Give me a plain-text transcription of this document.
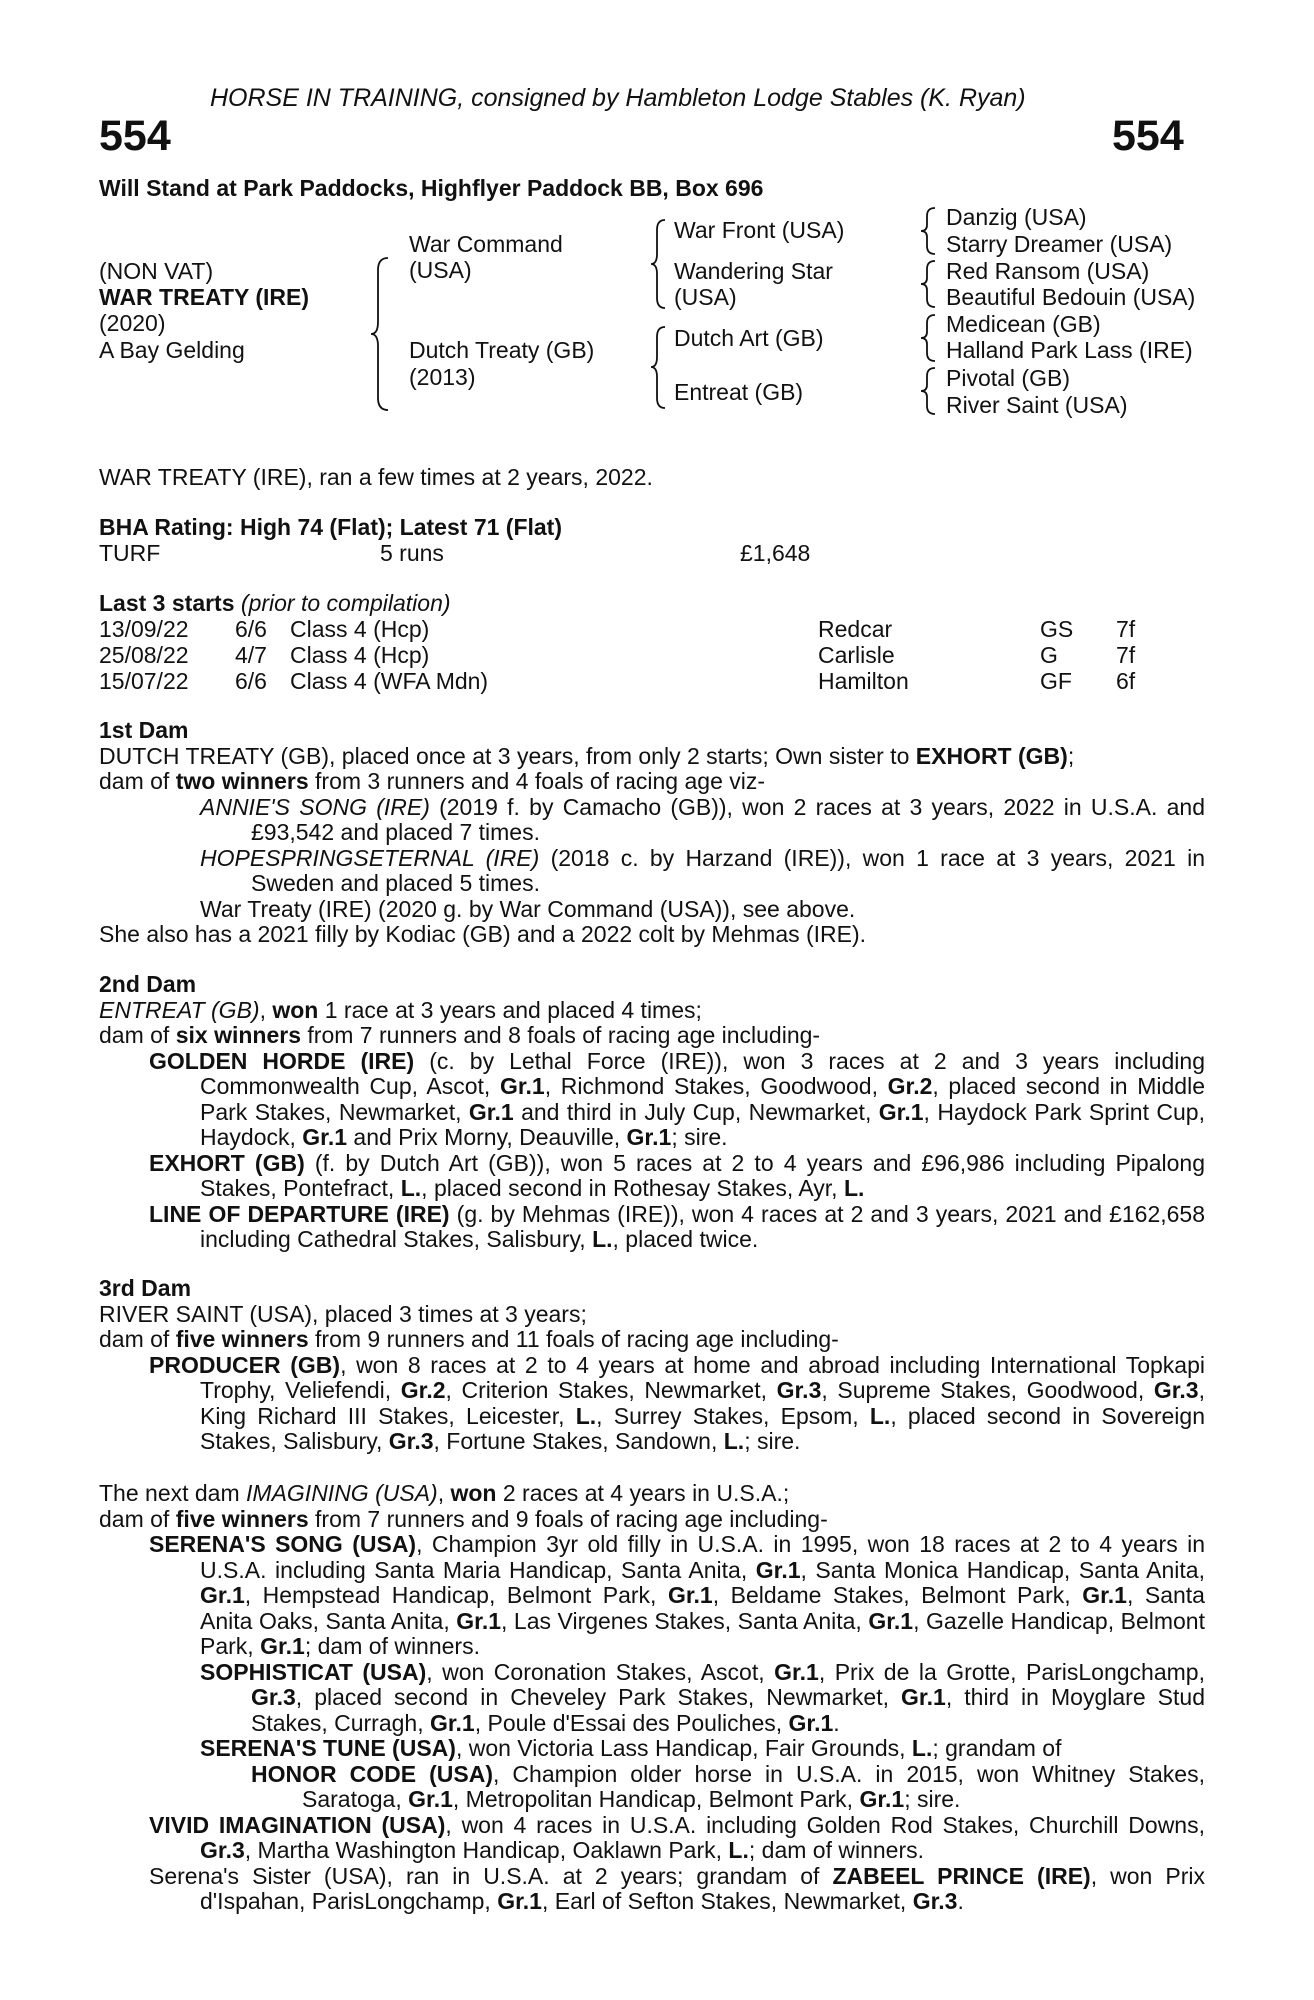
HORSE IN TRAINING, consigned by Hambleton Lodge Stables (K. Ryan)
554	554
Will Stand at Park Paddocks, Highflyer Paddock BB, Box 696
(NON VAT)
WAR TREATY (IRE)
(2020)
A Bay Gelding
War Command
(USA)
Dutch Treaty (GB)
(2013)
War Front (USA)
Wandering Star
(USA)
Dutch Art (GB)
Entreat (GB)
Danzig (USA)
Starry Dreamer (USA)
Red Ransom (USA)
Beautiful Bedouin (USA)
Medicean (GB)
Halland Park Lass (IRE)
Pivotal (GB)
River Saint (USA)
WAR TREATY (IRE), ran a few times at 2 years, 2022.
BHA Rating: High 74 (Flat); Latest 71 (Flat)
TURF	5 runs	£1,648
Last 3 starts (prior to compilation)
13/09/22 6/6 Class 4 (Hcp)	Redcar	GS 7f
25/08/22 4/7 Class 4 (Hcp)	Carlisle	G	7f
15/07/22 6/6 Class 4 (WFA Mdn)	Hamilton	GF 6f

1st Dam

DUTCH TREATY (GB), placed once at 3 years, from only 2 starts; Own sister to EXHORT (GB);

dam of two winners from 3 runners and 4 foals of racing age viz-

ANNIE'S SONG (IRE) (2019 f. by Camacho (GB)), won 2 races at 3 years, 2022 in U.S.A. and £93,542 and placed 7 times.

HOPESPRINGSETERNAL (IRE) (2018 c. by Harzand (IRE)), won 1 race at 3 years, 2021 in Sweden and placed 5 times.

War Treaty (IRE) (2020 g. by War Command (USA)), see above.

She also has a 2021 filly by Kodiac (GB) and a 2022 colt by Mehmas (IRE).

2nd Dam

ENTREAT (GB), won 1 race at 3 years and placed 4 times;

dam of six winners from 7 runners and 8 foals of racing age including-

GOLDEN HORDE (IRE) (c. by Lethal Force (IRE)), won 3 races at 2 and 3 years including Commonwealth Cup, Ascot, Gr.1, Richmond Stakes, Goodwood, Gr.2, placed second in Middle Park Stakes, Newmarket, Gr.1 and third in July Cup, Newmarket, Gr.1, Haydock Park Sprint Cup, Haydock, Gr.1 and Prix Morny, Deauville, Gr.1; sire.

EXHORT (GB) (f. by Dutch Art (GB)), won 5 races at 2 to 4 years and £96,986 including Pipalong Stakes, Pontefract, L., placed second in Rothesay Stakes, Ayr, L.

LINE OF DEPARTURE (IRE) (g. by Mehmas (IRE)), won 4 races at 2 and 3 years, 2021 and £162,658 including Cathedral Stakes, Salisbury, L., placed twice.

3rd Dam

RIVER SAINT (USA), placed 3 times at 3 years;

dam of five winners from 9 runners and 11 foals of racing age including-

PRODUCER (GB), won 8 races at 2 to 4 years at home and abroad including International Topkapi Trophy, Veliefendi, Gr.2, Criterion Stakes, Newmarket, Gr.3, Supreme Stakes, Goodwood, Gr.3, King Richard III Stakes, Leicester, L., Surrey Stakes, Epsom, L., placed second in Sovereign Stakes, Salisbury, Gr.3, Fortune Stakes, Sandown, L.; sire.

The next dam IMAGINING (USA), won 2 races at 4 years in U.S.A.;

dam of five winners from 7 runners and 9 foals of racing age including-

SERENA'S SONG (USA), Champion 3yr old filly in U.S.A. in 1995, won 18 races at 2 to 4 years in U.S.A. including Santa Maria Handicap, Santa Anita, Gr.1, Santa Monica Handicap, Santa Anita, Gr.1, Hempstead Handicap, Belmont Park, Gr.1, Beldame Stakes, Belmont Park, Gr.1, Santa Anita Oaks, Santa Anita, Gr.1, Las Virgenes Stakes, Santa Anita, Gr.1, Gazelle Handicap, Belmont Park, Gr.1; dam of winners.

SOPHISTICAT (USA), won Coronation Stakes, Ascot, Gr.1, Prix de la Grotte, ParisLongchamp, Gr.3, placed second in Cheveley Park Stakes, Newmarket, Gr.1, third in Moyglare Stud Stakes, Curragh, Gr.1, Poule d'Essai des Pouliches, Gr.1.

SERENA'S TUNE (USA), won Victoria Lass Handicap, Fair Grounds, L.; grandam of

HONOR CODE (USA), Champion older horse in U.S.A. in 2015, won Whitney Stakes, Saratoga, Gr.1, Metropolitan Handicap, Belmont Park, Gr.1; sire.

VIVID IMAGINATION (USA), won 4 races in U.S.A. including Golden Rod Stakes, Churchill Downs, Gr.3, Martha Washington Handicap, Oaklawn Park, L.; dam of winners.

Serena's Sister (USA), ran in U.S.A. at 2 years; grandam of ZABEEL PRINCE (IRE), won Prix d'Ispahan, ParisLongchamp, Gr.1, Earl of Sefton Stakes, Newmarket, Gr.3.
